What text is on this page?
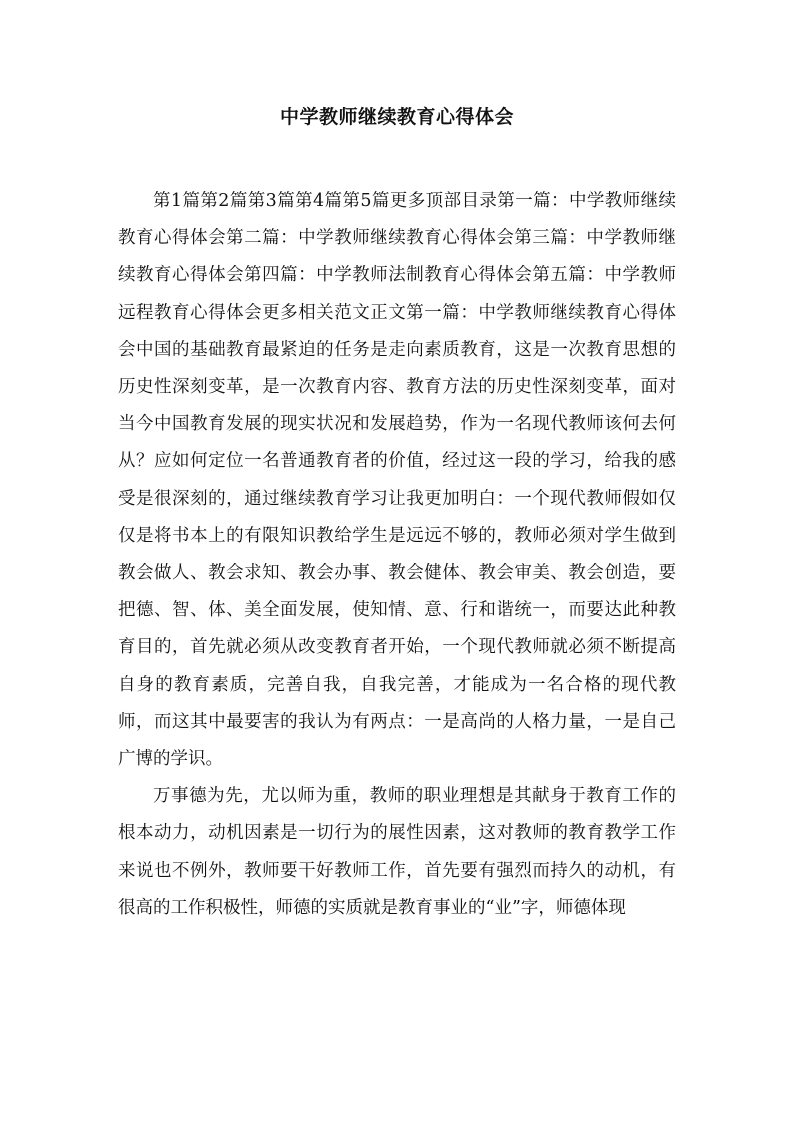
中学教师继续教育心得体会

第1篇第2篇第3篇第4篇第5篇更多顶部目录第一篇：中学教师继续教育心得体会第二篇：中学教师继续教育心得体会第三篇：中学教师继续教育心得体会第四篇：中学教师法制教育心得体会第五篇：中学教师远程教育心得体会更多相关范文正文第一篇：中学教师继续教育心得体会中国的基础教育最紧迫的任务是走向素质教育，这是一次教育思想的历史性深刻变革，是一次教育内容、教育方法的历史性深刻变革，面对当今中国教育发展的现实状况和发展趋势，作为一名现代教师该何去何从？应如何定位一名普通教育者的价值，经过这一段的学习，给我的感受是很深刻的，通过继续教育学习让我更加明白：一个现代教师假如仅仅是将书本上的有限知识教给学生是远远不够的，教师必须对学生做到教会做人、教会求知、教会办事、教会健体、教会审美、教会创造，要把德、智、体、美全面发展，使知情、意、行和谐统一，而要达此种教育目的，首先就必须从改变教育者开始，一个现代教师就必须不断提高自身的教育素质，完善自我，自我完善，才能成为一名合格的现代教师，而这其中最要害的我认为有两点：一是高尚的人格力量，一是自己广博的学识。

万事德为先，尤以师为重，教师的职业理想是其献身于教育工作的根本动力，动机因素是一切行为的展性因素，这对教师的教育教学工作来说也不例外，教师要干好教师工作，首先要有强烈而持久的动机，有很高的工作积极性，师德的实质就是教育事业的“业”字，师德体现
